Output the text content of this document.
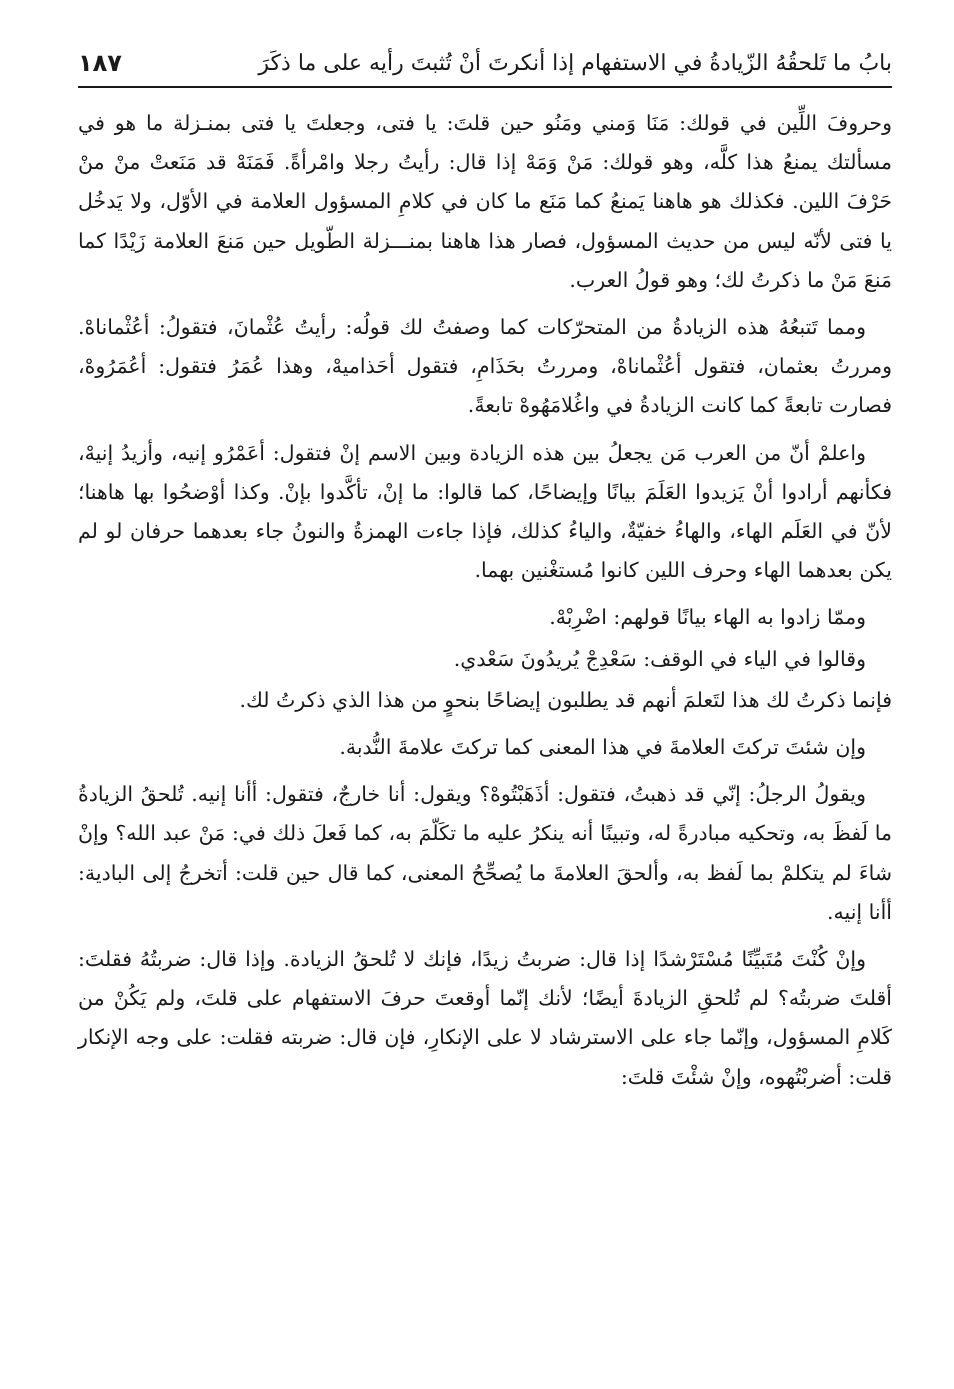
بابُ ما تَلحقُهُ الزّيادةُ في الاستفهام إذا أنكرتَ أنْ تُثبتَ رأيه على ما ذكَرَ
١٨٧

وحروفَ اللِّين في قولك: مَنَا وَمني ومَنُو حين قلتَ: يا فتى، وجعلتَ يا فتى بمنـزلة ما هو في مسألتك يمنعُ هذا كلَّه، وهو قولك: مَنْ وَمَهْ إذا قال: رأيتُ رجلا وامْرأةً. فَمَنَهْ قد مَنَعتْ منْ منْ حَرْفَ اللين. فكذلك هو هاهنا يَمنعُ كما مَنَع ما كان في كلامِ المسؤول العلامة في الأوّل، ولا يَدخُل يا فتى لأنّه ليس من حديث المسؤول، فصار هذا هاهنا بمنـــزلة الطّويل حين مَنعَ العلامة زَيْدًا كما مَنعَ مَنْ ما ذكرتُ لك؛ وهو قولُ العرب.

ومما تَتبعُهُ هذه الزيادةُ من المتحرّكات كما وصفتُ لك قولُه: رأيتُ عُثْمانَ، فتقولُ: أعُثْماناهْ. ومررتُ بعثمان، فتقول أعُثْماناهْ، ومررتُ بحَذَامِ، فتقول أحَذاميهْ، وهذا عُمَرُ فتقول: أعُمَرُوهْ، فصارت تابعةً كما كانت الزيادةُ في واغُلامَهُوهْ تابعةً.

واعلمْ أنّ من العرب مَن يجعلُ بين هذه الزيادة وبين الاسم إنْ فتقول: أعَمْرُو إنيه، وأزيدُ إنيهْ، فكأنهم أرادوا أنْ يَزيدوا العَلَمَ بيانًا وإيضاحًا، كما قالوا: ما إنْ، تأكَّدوا بإنْ. وكذا أوْضحُوا بها هاهنا؛ لأنّ في العَلَم الهاء، والهاءُ خفيّةٌ، والياءُ كذلك، فإذا جاءت الهمزةُ والنونُ جاء بعدهما حرفان لو لم يكن بعدهما الهاء وحرف اللين كانوا مُستغْنين بهما.

وممّا زادوا به الهاء بيانًا قولهم: اضْرِبْهْ.

وقالوا في الياء في الوقف: سَعْدِجْ يُريدُونَ سَعْدي.

فإنما ذكرتُ لك هذا لتَعلمَ أنهم قد يطلبون إيضاحًا بنحوٍ من هذا الذي ذكرتُ لك.

وإن شئتَ تركتَ العلامةَ في هذا المعنى كما تركتَ علامةَ النُّدبة.

ويقولُ الرجلُ: إنّي قد ذهبتُ، فتقول: أذَهَبْتُوهْ؟ ويقول: أنا خارجٌ، فتقول: أأنا إنيه. تُلحقُ الزيادةُ ما لَفظَ به، وتحكيه مبادرةً له، وتبينًا أنه ينكرُ عليه ما تكَلّمَ به، كما فَعلَ ذلك في: مَنْ عبد الله؟ وإنْ شاءَ لم يتكلمْ بما لَفظ به، وألحقَ العلامةَ ما يُصحِّحُ المعنى، كما قال حين قلت: أتخرجُ إلى البادية: أأنا إنيه.

وإنْ كُنْتَ مُتَبيِّنًا مُسْتَرْشدًا إذا قال: ضربتُ زيدًا، فإنك لا تُلحقُ الزيادة. وإذا قال: ضربتُهُ فقلتَ: أقلتَ ضربتُه؟ لم تُلحقِ الزيادةَ أيضًا؛ لأنك إنّما أوقعتَ حرفَ الاستفهام على قلتَ، ولم يَكُنْ من كَلامِ المسؤول، وإنّما جاء على الاسترشاد لا على الإنكارِ، فإن قال: ضربته فقلت: على وجه الإنكار قلت: أضربْتُهوه، وإنْ شئْتَ قلتَ:
